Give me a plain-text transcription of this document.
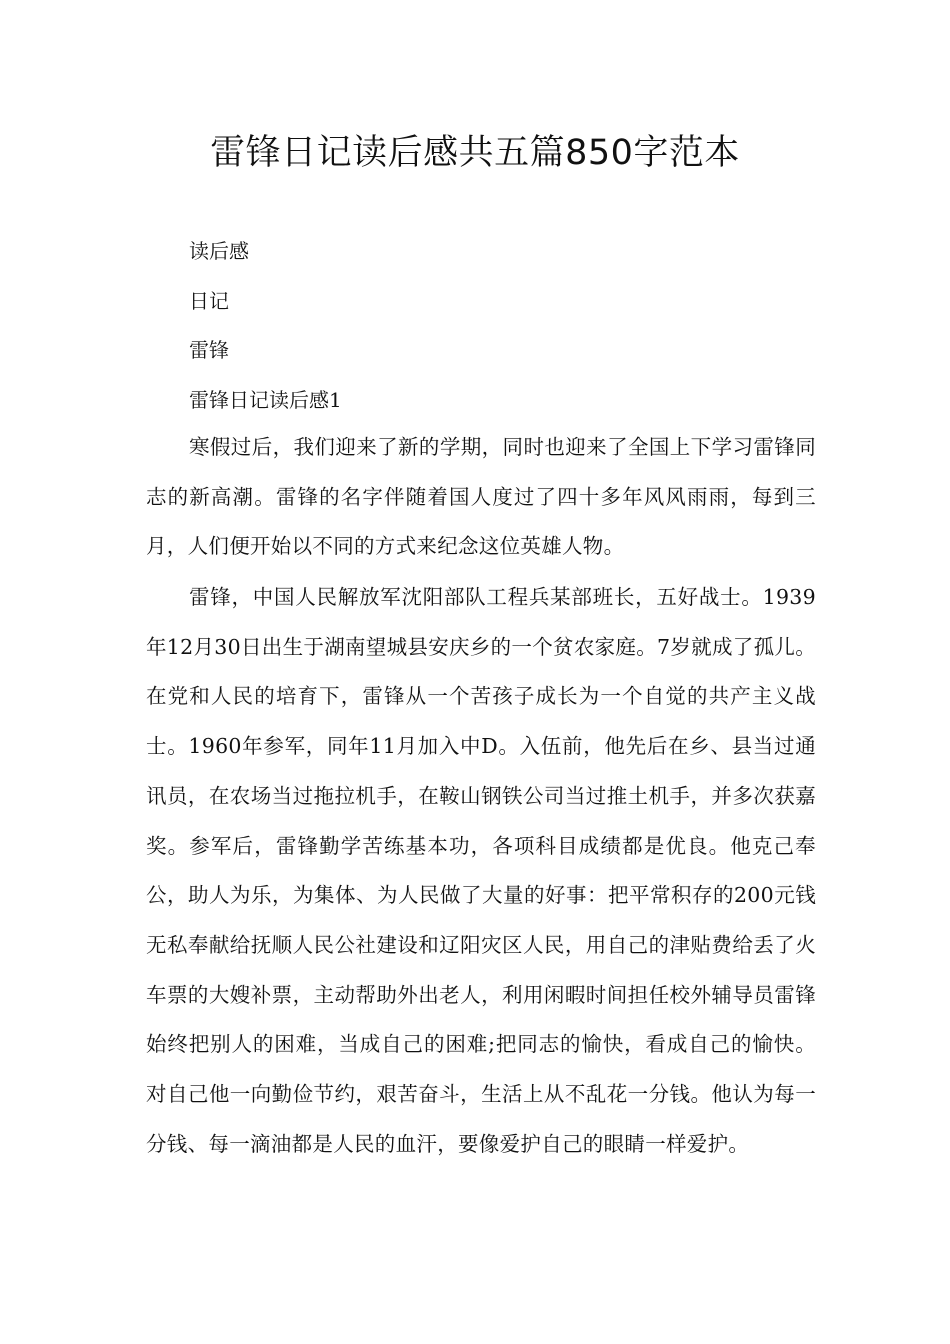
雷锋日记读后感共五篇850字范本

读后感

日记

雷锋

雷锋日记读后感1

寒假过后，我们迎来了新的学期，同时也迎来了全国上下学习雷锋同志的新高潮。雷锋的名字伴随着国人度过了四十多年风风雨雨，每到三月，人们便开始以不同的方式来纪念这位英雄人物。

雷锋，中国人民解放军沈阳部队工程兵某部班长，五好战士。1939年12月30日出生于湖南望城县安庆乡的一个贫农家庭。7岁就成了孤儿。在党和人民的培育下，雷锋从一个苦孩子成长为一个自觉的共产主义战士。1960年参军，同年11月加入中D。入伍前，他先后在乡、县当过通讯员，在农场当过拖拉机手，在鞍山钢铁公司当过推土机手，并多次获嘉奖。参军后，雷锋勤学苦练基本功，各项科目成绩都是优良。他克己奉公，助人为乐，为集体、为人民做了大量的好事：把平常积存的200元钱无私奉献给抚顺人民公社建设和辽阳灾区人民，用自己的津贴费给丢了火车票的大嫂补票，主动帮助外出老人，利用闲暇时间担任校外辅导员雷锋始终把别人的困难，当成自己的困难;把同志的愉快，看成自己的愉快。对自己他一向勤俭节约，艰苦奋斗，生活上从不乱花一分钱。他认为每一分钱、每一滴油都是人民的血汗，要像爱护自己的眼睛一样爱护。
